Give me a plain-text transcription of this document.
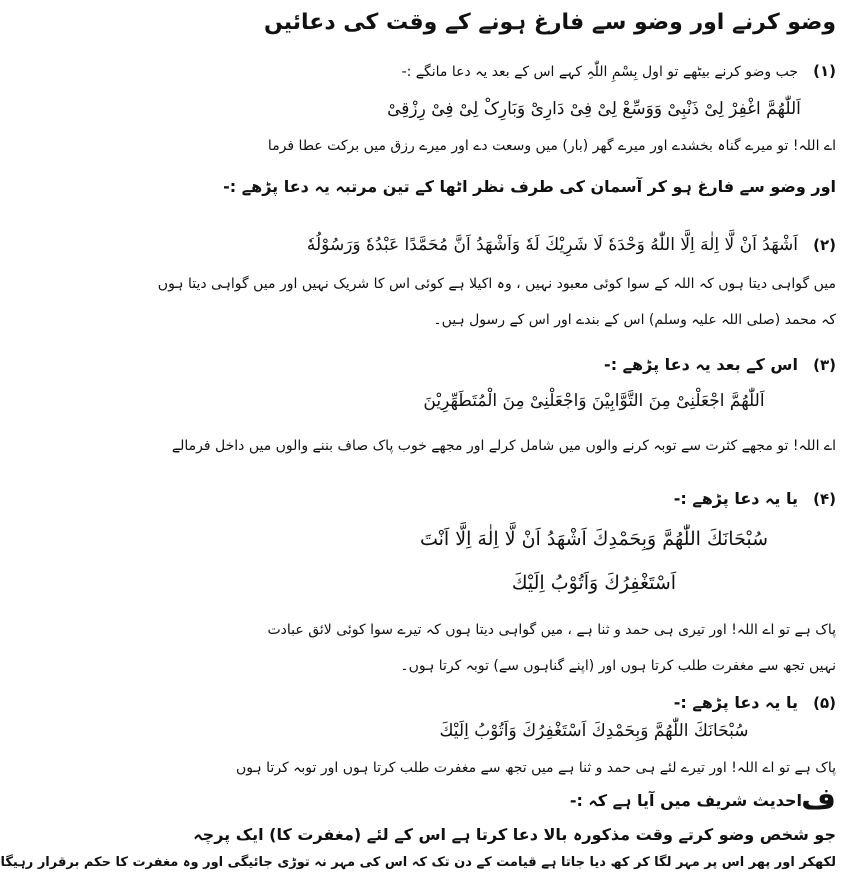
وضو کرنے اور وضو سے فارغ ہونے کے وقت کی دعائیں
(۱)
جب وضو کرنے بیٹھے تو اول بِسْمِ اللّٰہِ کہے اس کے بعد یہ دعا مانگے :-
اَللّٰھُمَّ اغْفِرْ لِیْ ذَنْبِیْ وَوَسِّعْ لِیْ فِیْ دَارِیْ وَبَارِکْ لِیْ فِیْ رِزْقِیْ
اے اللہ! تو میرے گناہ بخشدے اور میرے گھر (بار) میں وسعت دے اور میرے رزق میں برکت عطا فرما
اور وضو سے فارغ ہو کر آسمان کی طرف نظر اٹھا کے تین مرتبہ یہ دعا پڑھے :-
(۲)
اَشْهَدُ اَنْ لَّا اِلٰهَ اِلَّا اللّٰهُ وَحْدَهٗ لَا شَرِيْكَ لَهٗ وَاَشْهَدُ اَنَّ مُحَمَّدًا عَبْدُهٗ وَرَسُوْلُهٗ
میں گواہی دیتا ہوں کہ اللہ کے سوا کوئی معبود نہیں ، وہ اکیلا ہے کوئی اس کا شریک نہیں اور میں گواہی دیتا ہوں
کہ محمد (صلی اللہ علیہ وسلم) اس کے بندے اور اس کے رسول ہیں۔
(۳)
اس کے بعد یہ دعا پڑھے :-
اَللّٰهُمَّ اجْعَلْنِیْ مِنَ التَّوَّابِیْنَ وَاجْعَلْنِیْ مِنَ الْمُتَطَهِّرِیْنَ
اے اللہ! تو مجھے کثرت سے توبہ کرنے والوں میں شامل کرلے اور مجھے خوب پاک صاف بننے والوں میں داخل فرمالے
(۴)
یا یہ دعا پڑھے :-
سُبْحَانَكَ اللّٰهُمَّ وَبِحَمْدِكَ اَشْهَدُ اَنْ لَّا اِلٰهَ اِلَّا اَنْتَ
اَسْتَغْفِرُكَ وَاَتُوْبُ اِلَيْكَ
پاک ہے تو اے اللہ! اور تیری ہی حمد و ثنا ہے ، میں گواہی دیتا ہوں کہ تیرے سوا کوئی لائق عبادت
نہیں تجھ سے مغفرت طلب کرتا ہوں اور (اپنے گناہوں سے) توبہ کرتا ہوں۔
(۵)
یا یہ دعا پڑھے :-
سُبْحَانَكَ اللّٰهُمَّ وَبِحَمْدِكَ اَسْتَغْفِرُكَ وَاَتُوْبُ اِلَيْكَ
پاک ہے تو اے اللہ! اور تیرے لئے ہی حمد و ثنا ہے میں تجھ سے مغفرت طلب کرتا ہوں اور توبہ کرتا ہوں
ف
احدیث شریف میں آیا ہے کہ :-
جو شخص وضو کرتے وقت مذکورہ بالا دعا کرتا ہے اس کے لئے (مغفرت کا) ایک پرچہ
لکھکر اور پھر اس پر مہر لگا کر کھ دیا جاتا ہے قیامت کے دن تک کہ اس کی مہر نہ توڑی جائیگی اور وہ مغفرت کا حکم برقرار رہیگا
